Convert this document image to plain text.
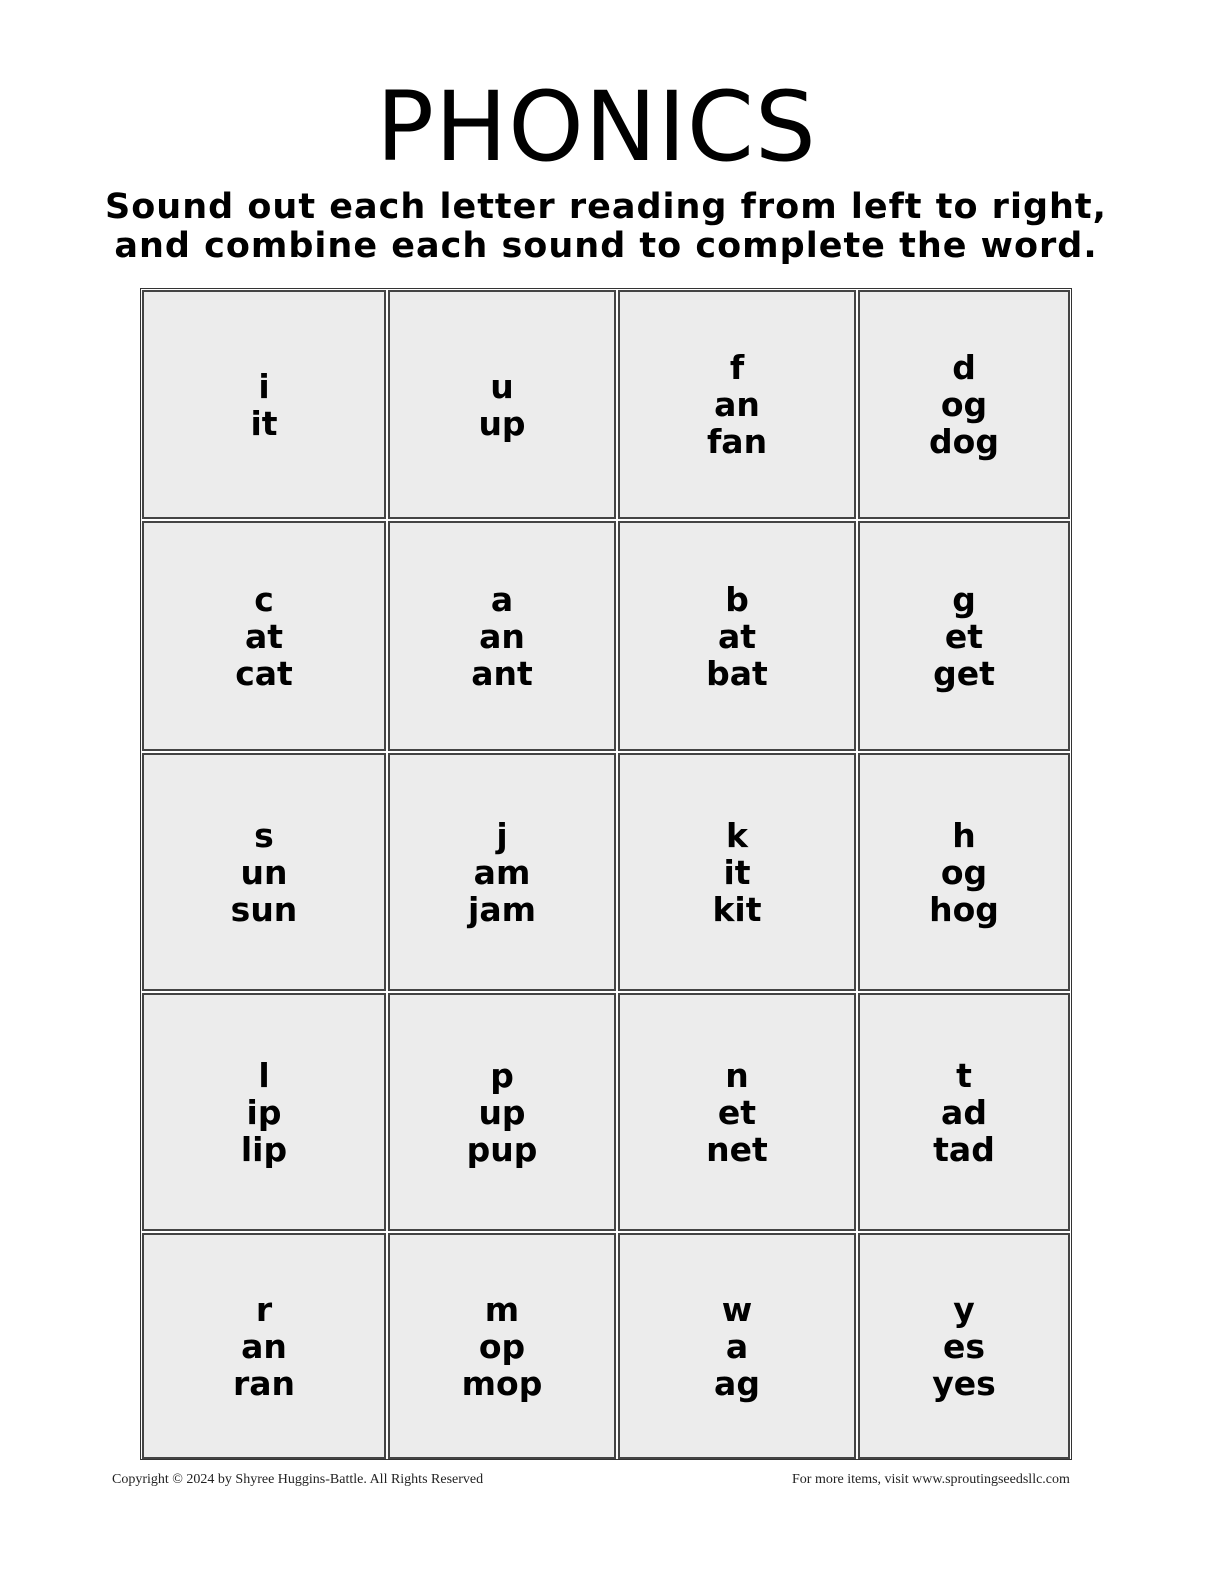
PHONICS
Sound out each letter reading from left to right,
and combine each sound to complete the word.
i
it
u
up
f
an
fan
d
og
dog
c
at
cat
a
an
ant
b
at
bat
g
et
get
s
un
sun
j
am
jam
k
it
kit
h
og
hog
l
ip
lip
p
up
pup
n
et
net
t
ad
tad
r
an
ran
m
op
mop
w
a
ag
y
es
yes
Copyright © 2024 by Shyree Huggins-Battle. All Rights Reserved	For more items, visit www.sproutingseedsllc.com
